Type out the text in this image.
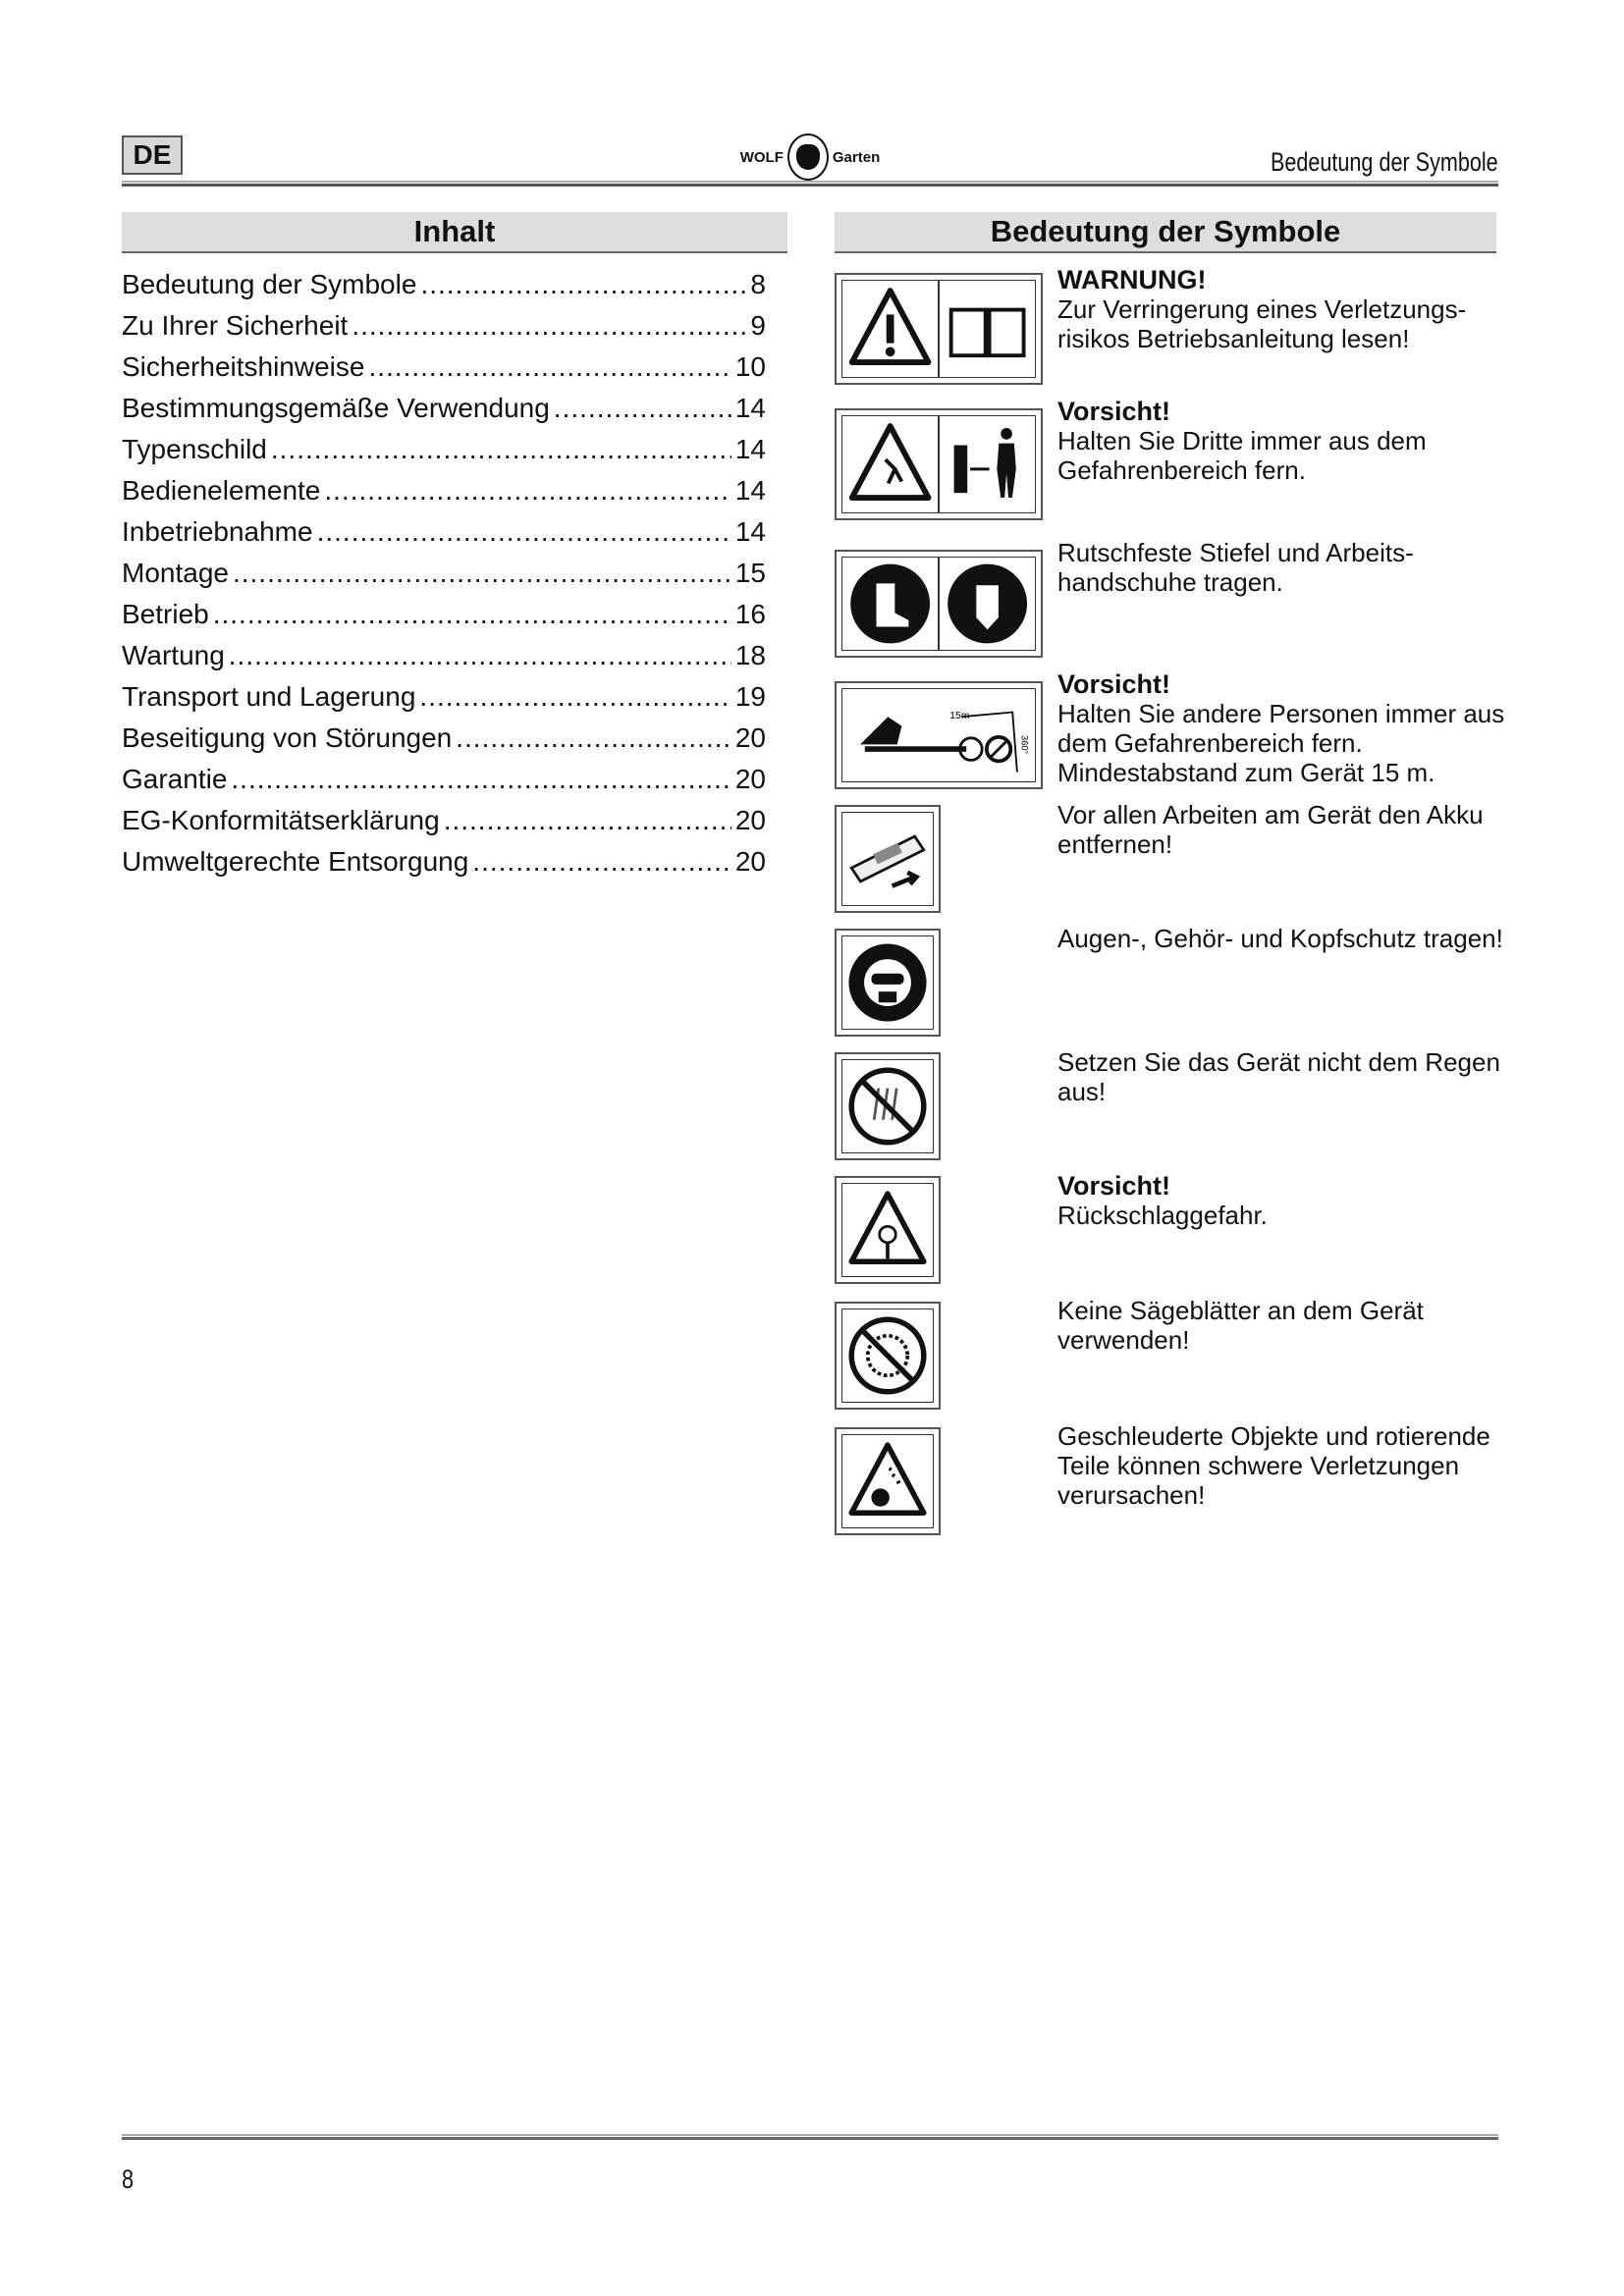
DE	WOLF	Garten	Bedeutung der Symbole
Inhalt	Bedeutung der Symbole
Bedeutung der Symbole .....	8
Zu Ihrer Sicherheit .....	9
Sicherheitshinweise .....	10
Bestimmungsgemäße Verwendung .....	14
Typenschild .....	14
Bedienelemente .....	14
Inbetriebnahme .....	14
Montage .....	15
Betrieb .....	16
Wartung .....	18
Transport und Lagerung .....	19
Beseitigung von Störungen .....	20
Garantie .....	20
EG-Konformitätserklärung .....	20
Umweltgerechte Entsorgung .....	20
WARNUNG!
Zur Verringerung eines Verletzungs-risikos Betriebsanleitung lesen!
Vorsicht!
Halten Sie Dritte immer aus dem Gefahrenbereich fern.
Rutschfeste Stiefel und Arbeits-handschuhe tragen.
15m
360°
Vorsicht!
Halten Sie andere Personen immer aus dem Gefahrenbereich fern. Mindestabstand zum Gerät 15 m.
Vor allen Arbeiten am Gerät den Akku entfernen!
Augen-, Gehör- und Kopfschutz tragen!
Setzen Sie das Gerät nicht dem Regen aus!
Vorsicht!
Rückschlaggefahr.
Keine Sägeblätter an dem Gerät verwenden!
Geschleuderte Objekte und rotierende Teile können schwere Verletzungen verursachen!
8
